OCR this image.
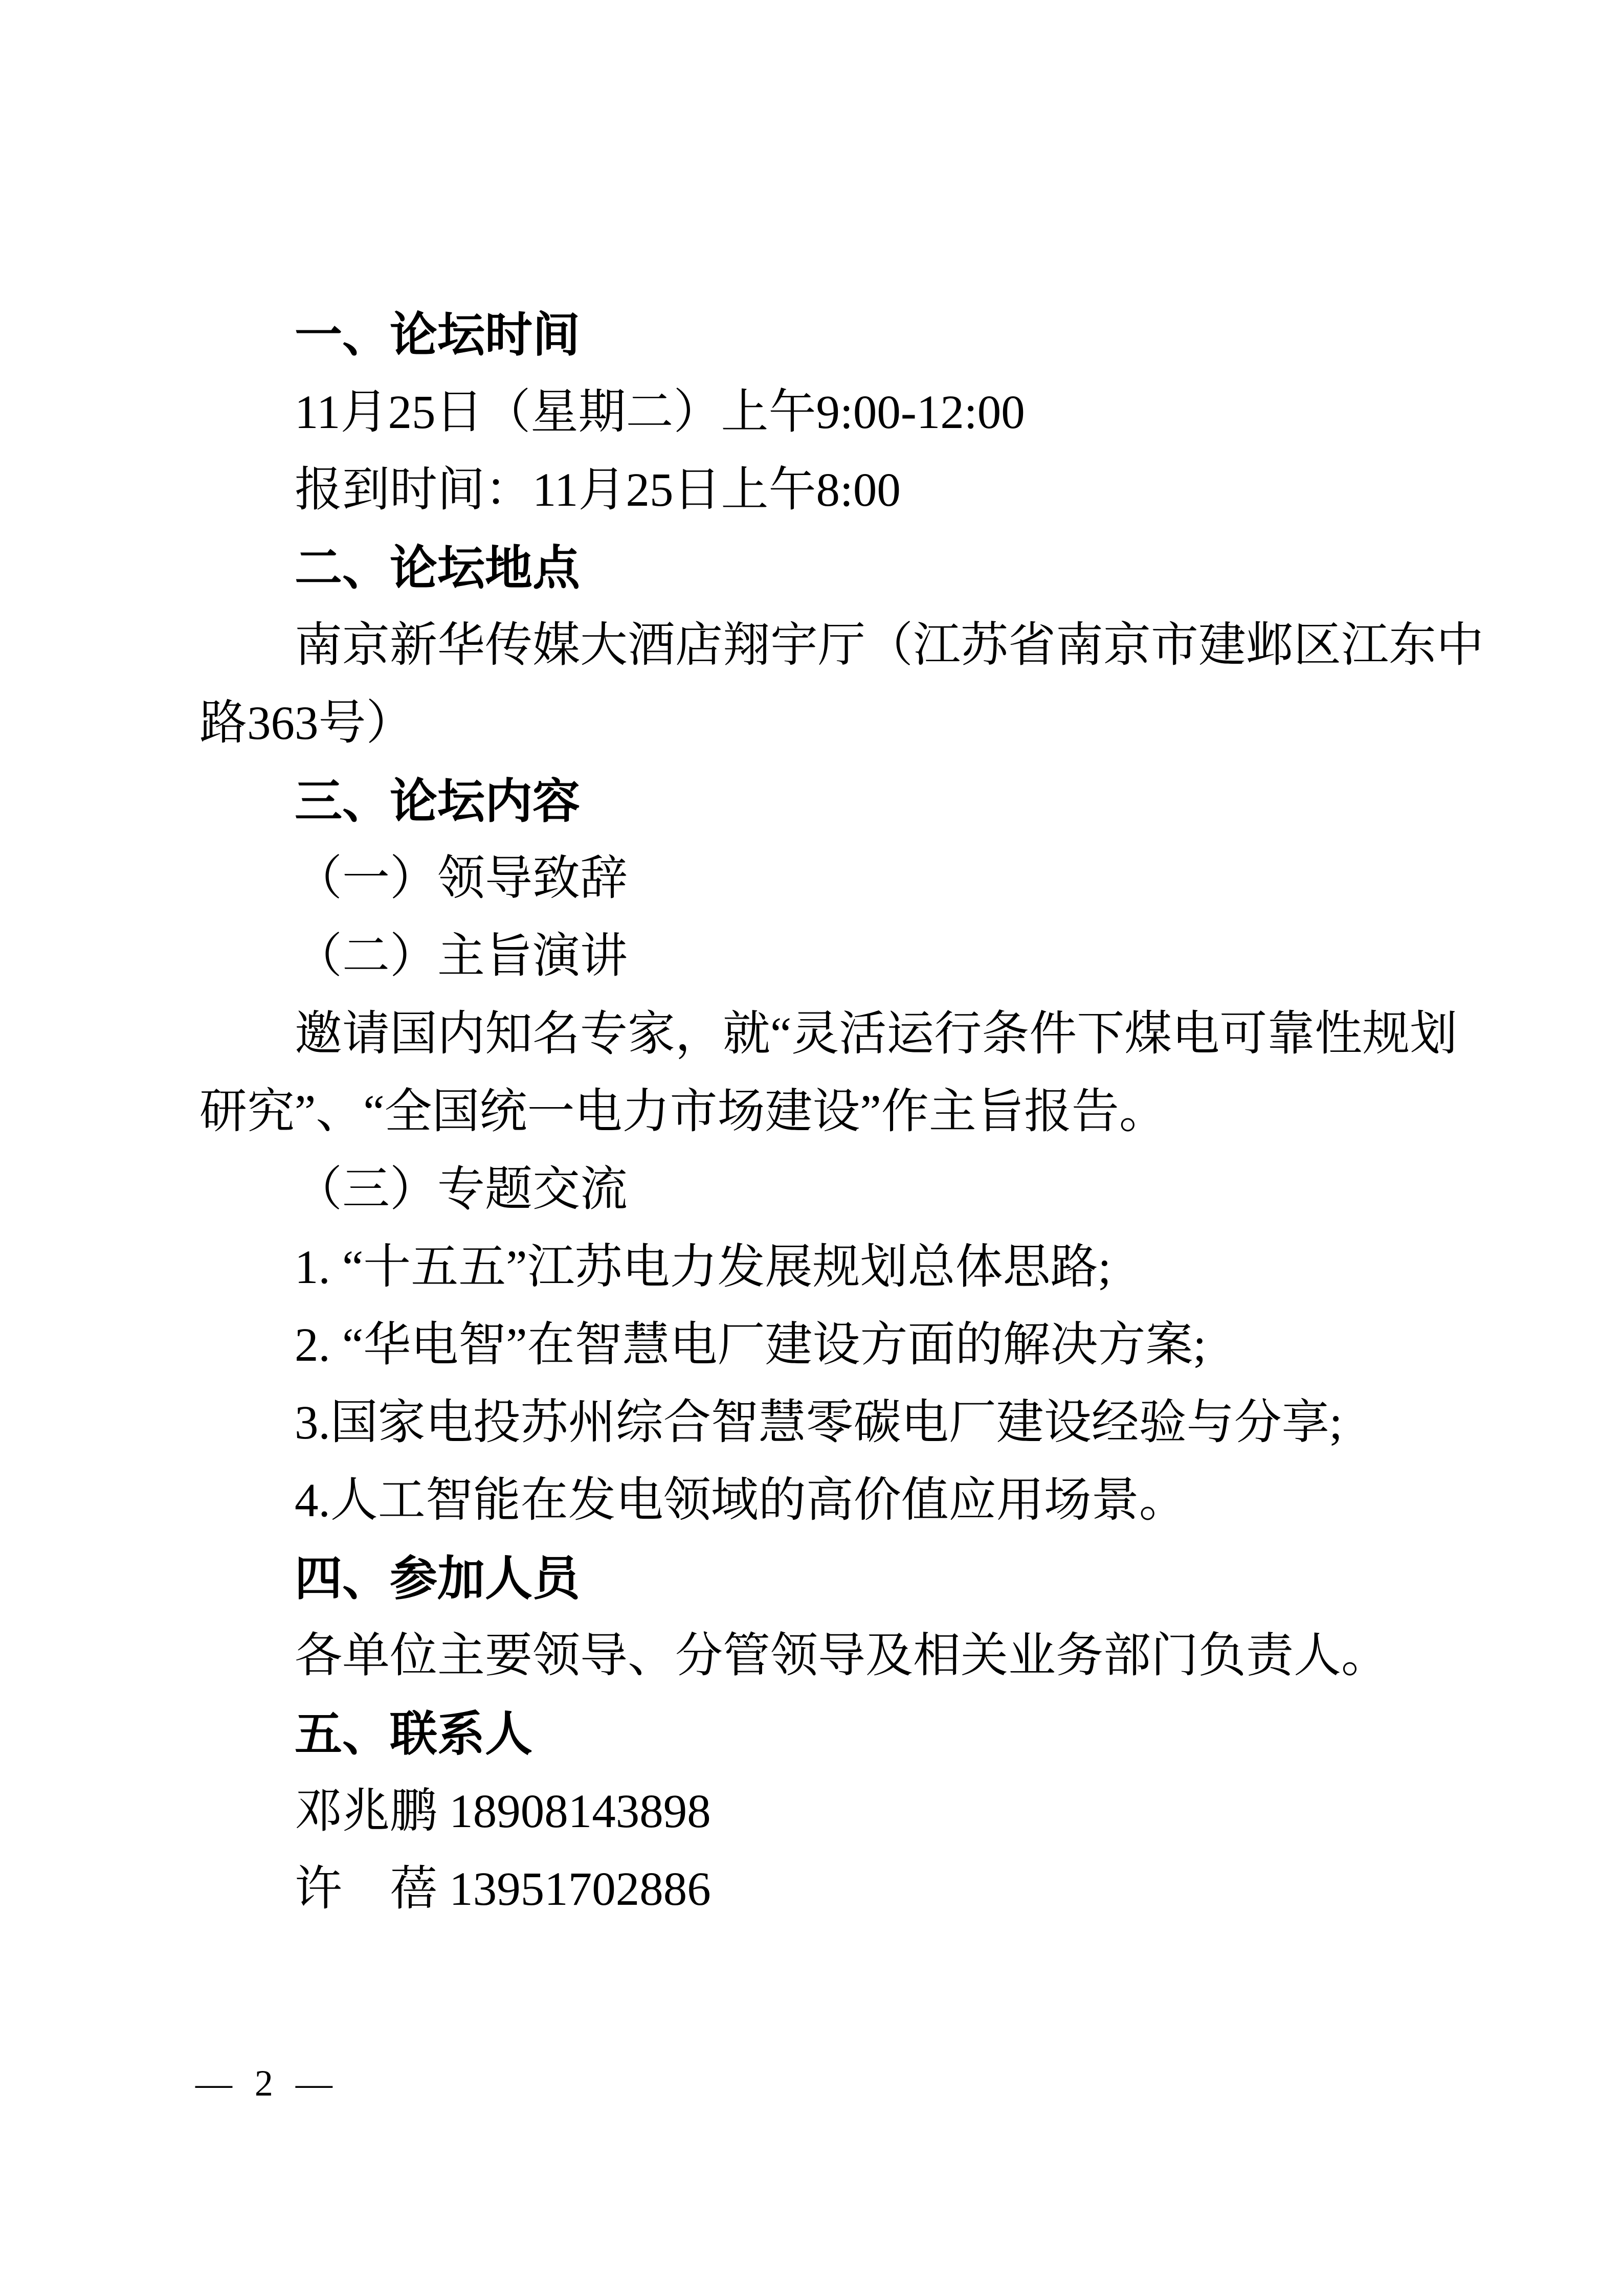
一、论坛时间
11月25日（星期二）上午9:00-12:00
报到时间：11月25日上午8:00
二、论坛地点
南京新华传媒大酒店翔宇厅（江苏省南京市建邺区江东中
路363号）
三、论坛内容
（一）领导致辞
（二）主旨演讲
邀请国内知名专家，就“灵活运行条件下煤电可靠性规划
研究”、“全国统一电力市场建设”作主旨报告。
（三）专题交流
1. “十五五”江苏电力发展规划总体思路;
2. “华电智”在智慧电厂建设方面的解决方案;
3.国家电投苏州综合智慧零碳电厂建设经验与分享;
4.人工智能在发电领域的高价值应用场景。
四、参加人员
各单位主要领导、分管领导及相关业务部门负责人。
五、联系人
邓兆鹏 18908143898
许　蓓 13951702886
— 2 —
